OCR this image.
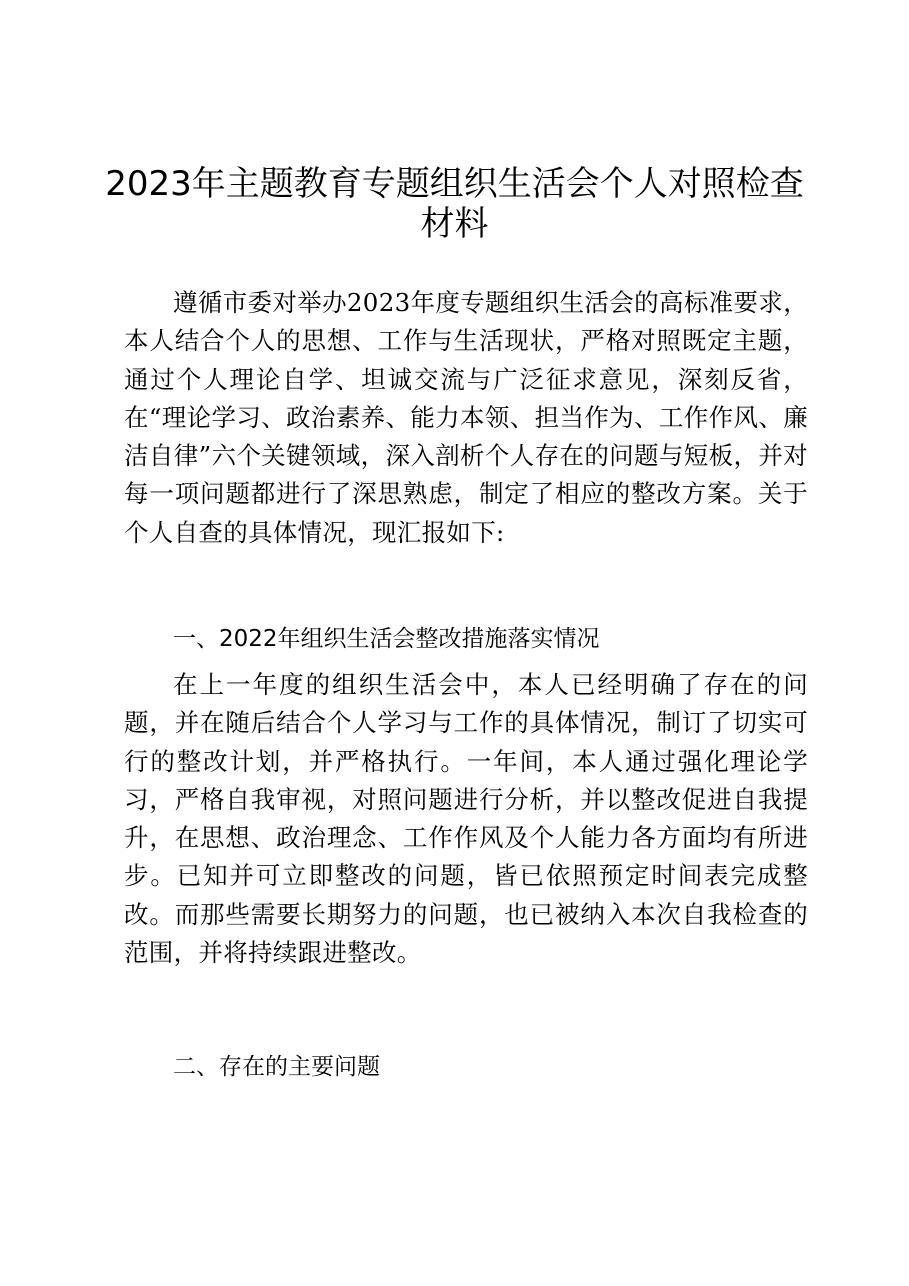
2023年主题教育专题组织生活会个人对照检查材料

遵循市委对举办2023年度专题组织生活会的高标准要求，本人结合个人的思想、工作与生活现状，严格对照既定主题，通过个人理论自学、坦诚交流与广泛征求意见，深刻反省，在“理论学习、政治素养、能力本领、担当作为、工作作风、廉洁自律”六个关键领域，深入剖析个人存在的问题与短板，并对每一项问题都进行了深思熟虑，制定了相应的整改方案。关于个人自查的具体情况，现汇报如下:

一、2022年组织生活会整改措施落实情况

在上一年度的组织生活会中，本人已经明确了存在的问题，并在随后结合个人学习与工作的具体情况，制订了切实可行的整改计划，并严格执行。一年间，本人通过强化理论学习，严格自我审视，对照问题进行分析，并以整改促进自我提升，在思想、政治理念、工作作风及个人能力各方面均有所进步。已知并可立即整改的问题，皆已依照预定时间表完成整改。而那些需要长期努力的问题，也已被纳入本次自我检查的范围，并将持续跟进整改。

二、存在的主要问题
